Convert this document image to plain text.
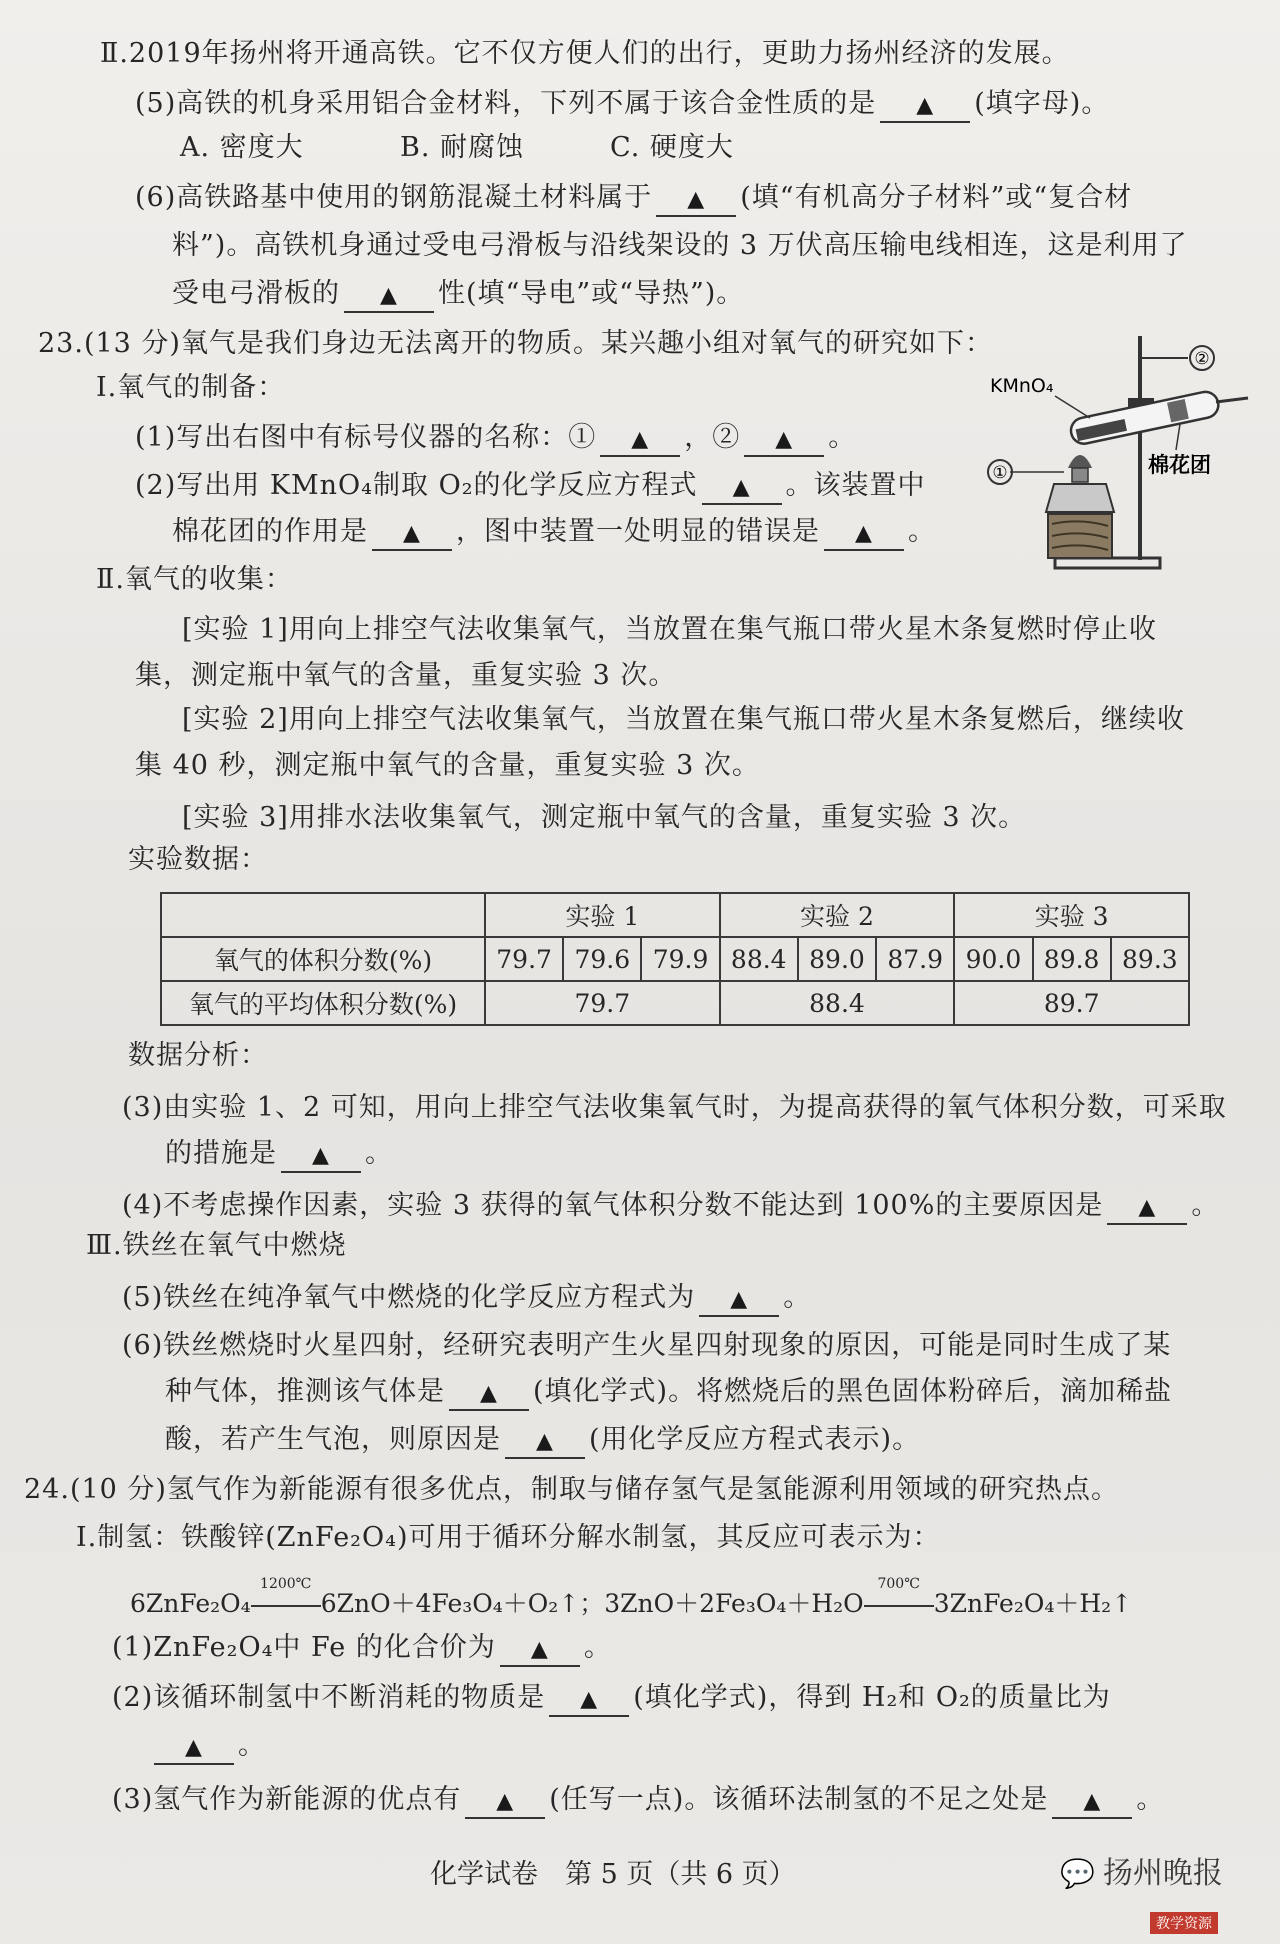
Ⅱ.2019年扬州将开通高铁。它不仅方便人们的出行，更助力扬州经济的发展。
(5)高铁的机身采用铝合金材料，下列不属于该合金性质的是 ▲ (填字母)。
A. 密度大	B. 耐腐蚀	C. 硬度大
(6)高铁路基中使用的钢筋混凝土材料属于 ▲ (填“有机高分子材料”或“复合材
料”)。高铁机身通过受电弓滑板与沿线架设的 3 万伏高压输电线相连，这是利用了
受电弓滑板的 ▲ 性(填“导电”或“导热”)。
23.(13 分)氧气是我们身边无法离开的物质。某兴趣小组对氧气的研究如下：
Ⅰ.氧气的制备：
(1)写出右图中有标号仪器的名称：① ▲ ，② ▲ 。
(2)写出用 KMnO₄制取 O₂的化学反应方程式 ▲ 。该装置中
棉花团的作用是 ▲ ，图中装置一处明显的错误是 ▲ 。
②
KMnO₄
棉花团
①
Ⅱ.氧气的收集：
[实验 1]用向上排空气法收集氧气，当放置在集气瓶口带火星木条复燃时停止收
集，测定瓶中氧气的含量，重复实验 3 次。
[实验 2]用向上排空气法收集氧气，当放置在集气瓶口带火星木条复燃后，继续收
集 40 秒，测定瓶中氧气的含量，重复实验 3 次。
[实验 3]用排水法收集氧气，测定瓶中氧气的含量，重复实验 3 次。
实验数据：
	实验 1			实验 2			实验 3		
氧气的体积分数(%)	79.7	79.6	79.9	88.4	89.0	87.9	90.0	89.8	89.3
氧气的平均体积分数(%)	79.7			88.4			89.7		
数据分析：
(3)由实验 1、2 可知，用向上排空气法收集氧气时，为提高获得的氧气体积分数，可采取
的措施是 ▲ 。
(4)不考虑操作因素，实验 3 获得的氧气体积分数不能达到 100%的主要原因是 ▲ 。
Ⅲ.铁丝在氧气中燃烧
(5)铁丝在纯净氧气中燃烧的化学反应方程式为 ▲ 。
(6)铁丝燃烧时火星四射，经研究表明产生火星四射现象的原因，可能是同时生成了某
种气体，推测该气体是 ▲ (填化学式)。将燃烧后的黑色固体粉碎后，滴加稀盐
酸，若产生气泡，则原因是 ▲ (用化学反应方程式表示)。
24.(10 分)氢气作为新能源有很多优点，制取与储存氢气是氢能源利用领域的研究热点。
Ⅰ.制氢：铁酸锌(ZnFe₂O₄)可用于循环分解水制氢，其反应可表示为：
6ZnFe₂O₄
1200℃
6ZnO＋4Fe₃O₄＋O₂↑；3ZnO＋2Fe₃O₄＋H₂O
700℃
3ZnFe₂O₄＋H₂↑
(1)ZnFe₂O₄中 Fe 的化合价为 ▲ 。
(2)该循环制氢中不断消耗的物质是 ▲ (填化学式)，得到 H₂和 O₂的质量比为
▲ 。
(3)氢气作为新能源的优点有 ▲ (任写一点)。该循环法制氢的不足之处是 ▲ 。
化学试卷　第 5 页（共 6 页）	💬 扬州晚报
教学资源
